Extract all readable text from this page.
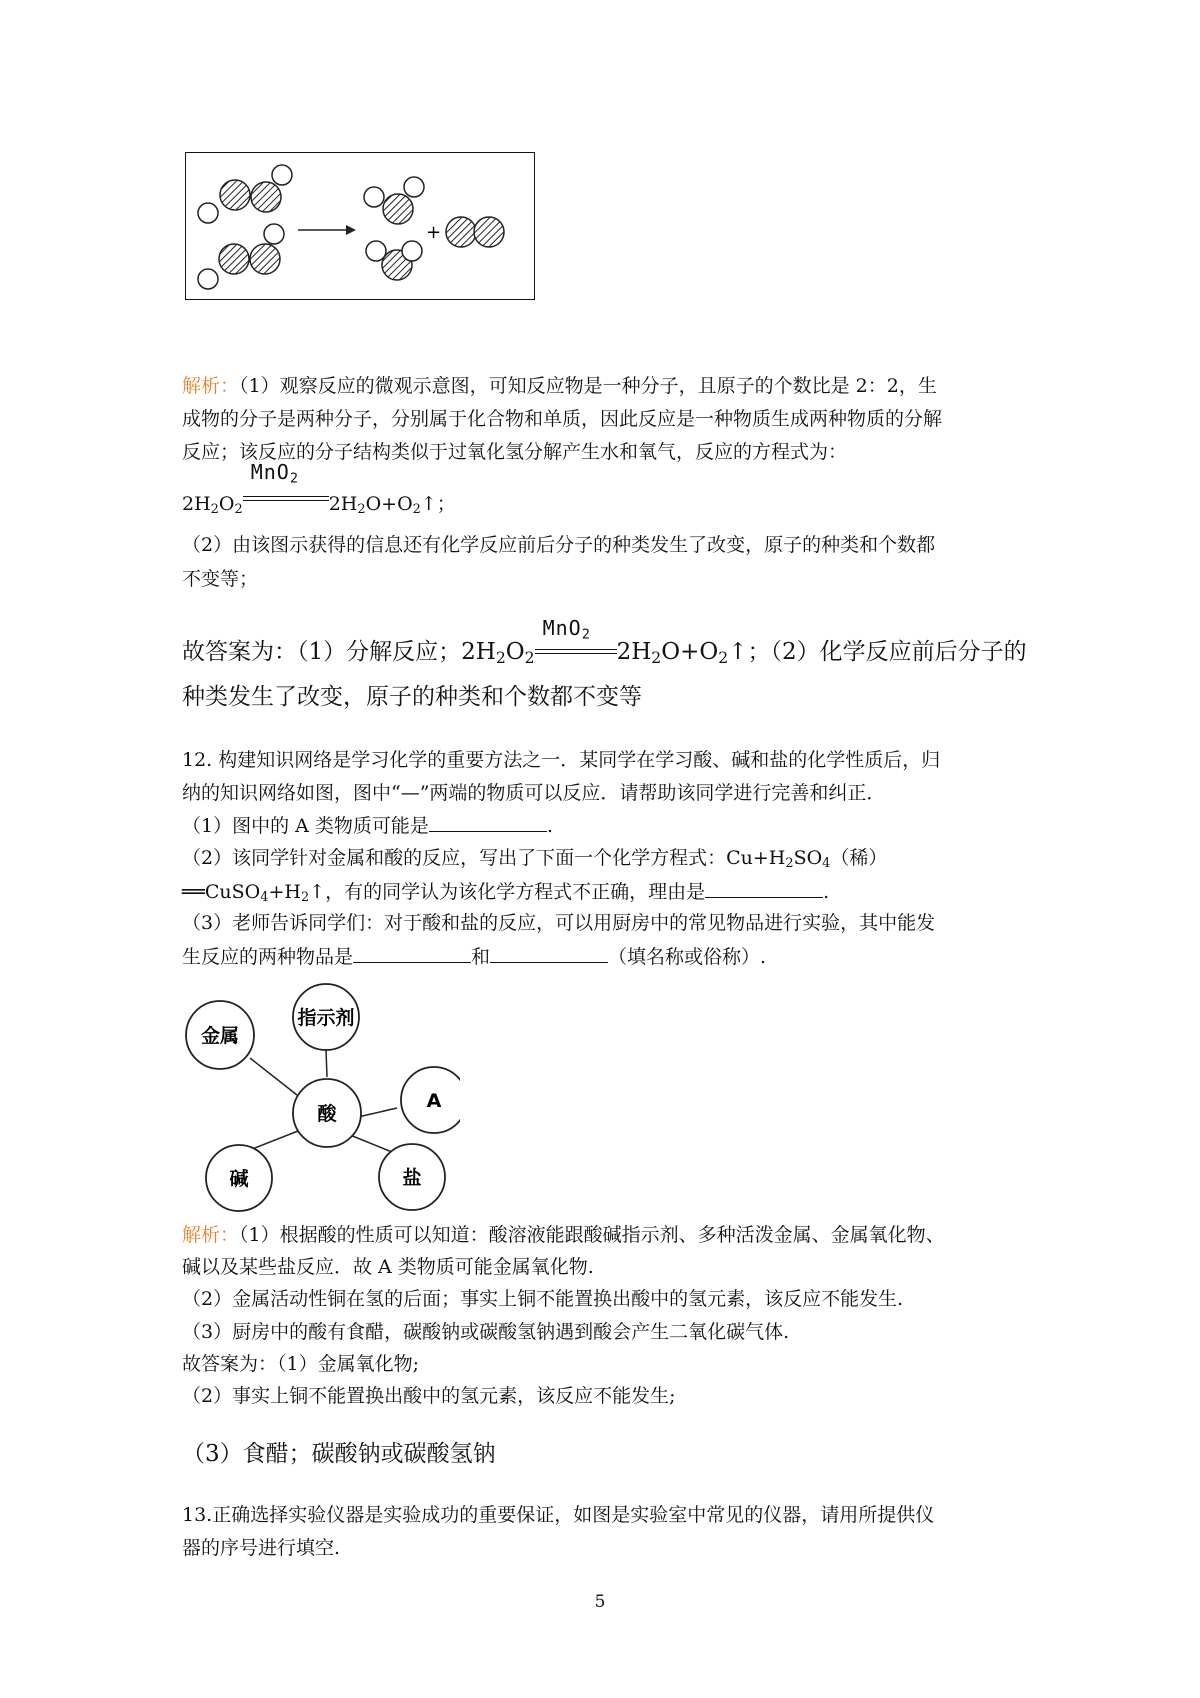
+
解析：（1）观察反应的微观示意图，可知反应物是一种分子，且原子的个数比是 2：2，生
成物的分子是两种分子，分别属于化合物和单质，因此反应是一种物质生成两种物质的分解
反应；该反应的分子结构类似于过氧化氢分解产生水和氧气，反应的方程式为：
$2H_2O_2$
MnO$_2$
$2H_2O+O_2↑$；
（2）由该图示获得的信息还有化学反应前后分子的种类发生了改变，原子的种类和个数都
不变等；
故答案为：（1）分解反应；$2H_2O_2$
MnO$_2$
$2H_2O+O_2↑$；（2）化学反应前后分子的
种类发生了改变，原子的种类和个数都不变等
12. 构建知识网络是学习化学的重要方法之一．某同学在学习酸、碱和盐的化学性质后，归
纳的知识网络如图，图中“—”两端的物质可以反应．请帮助该同学进行完善和纠正．
（1）图中的 A 类物质可能是	.
（2）该同学针对金属和酸的反应，写出了下面一个化学方程式：$Cu+H_2SO_4$（稀）
$══CuSO_4+H_2↑$，有的同学认为该化学方程式不正确，理由是	.
（3）老师告诉同学们：对于酸和盐的反应，可以用厨房中的常见物品进行实验，其中能发
生反应的两种物品是	和	（填名称或俗称）.
酸
指示剂
金属
A
碱	盐
解析：（1）根据酸的性质可以知道：酸溶液能跟酸碱指示剂、多种活泼金属、金属氧化物、
碱以及某些盐反应．故 A 类物质可能金属氧化物.
（2）金属活动性铜在氢的后面；事实上铜不能置换出酸中的氢元素，该反应不能发生.
（3）厨房中的酸有食醋，碳酸钠或碳酸氢钠遇到酸会产生二氧化碳气体.
故答案为：（1）金属氧化物;
（2）事实上铜不能置换出酸中的氢元素，该反应不能发生;
（3）食醋；碳酸钠或碳酸氢钠
13.正确选择实验仪器是实验成功的重要保证，如图是实验室中常见的仪器，请用所提供仪
器的序号进行填空.
5
